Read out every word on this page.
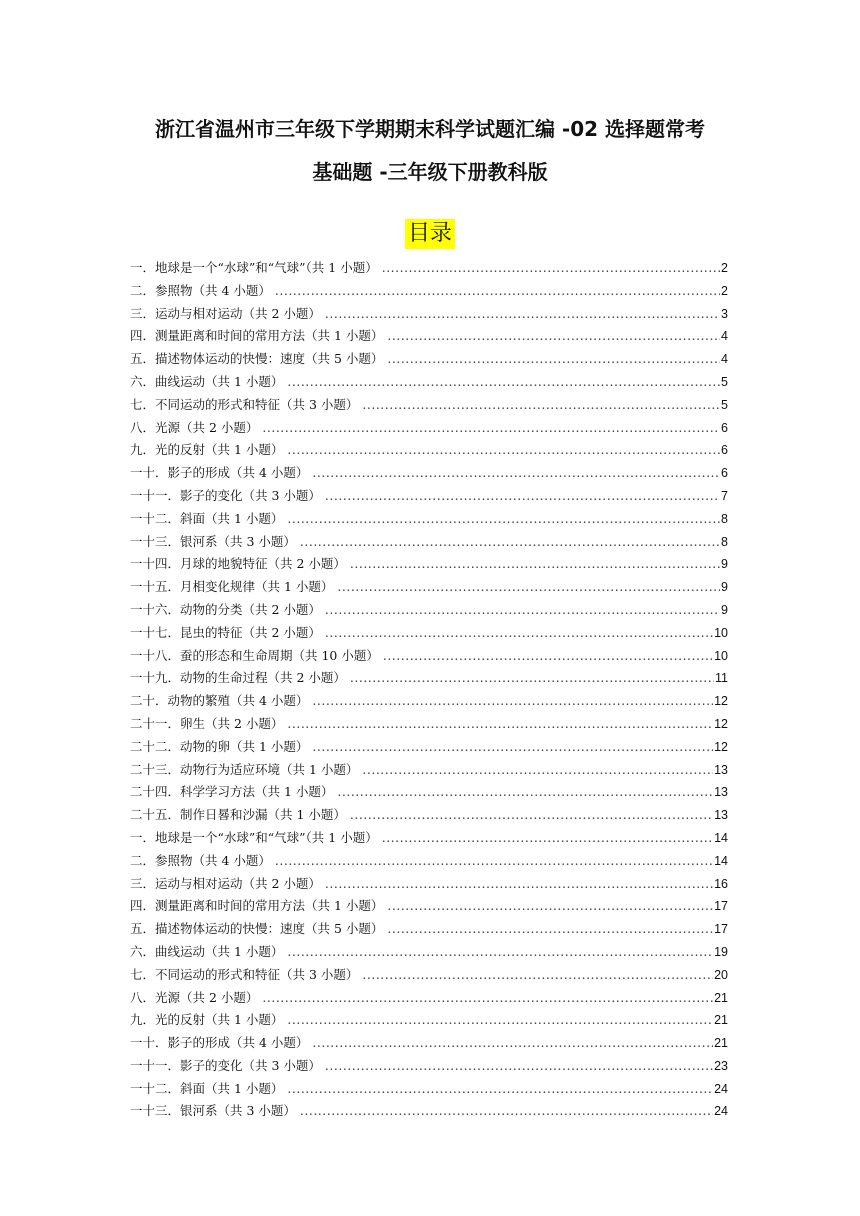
浙江省温州市三年级下学期期末科学试题汇编 -02 选择题常考
基础题 -三年级下册教科版
目录
一．地球是一个“水球”和“气球”（共 1 小题） .....	2
二．参照物（共 4 小题） .....	2
三．运动与相对运动（共 2 小题） .....	3
四．测量距离和时间的常用方法（共 1 小题） .....	4
五．描述物体运动的快慢：速度（共 5 小题） .....	4
六．曲线运动（共 1 小题） .....	5
七．不同运动的形式和特征（共 3 小题） .....	5
八．光源（共 2 小题） .....	6
九．光的反射（共 1 小题） .....	6
一十．影子的形成（共 4 小题） .....	6
一十一．影子的变化（共 3 小题） .....	7
一十二．斜面（共 1 小题） .....	8
一十三．银河系（共 3 小题） .....	8
一十四．月球的地貌特征（共 2 小题） .....	9
一十五．月相变化规律（共 1 小题） .....	9
一十六．动物的分类（共 2 小题） .....	9
一十七．昆虫的特征（共 2 小题） .....	10
一十八．蚕的形态和生命周期（共 10 小题） .....	10
一十九．动物的生命过程（共 2 小题） .....	11
二十．动物的繁殖（共 4 小题） .....	12
二十一．卵生（共 2 小题） .....	12
二十二．动物的卵（共 1 小题） .....	12
二十三．动物行为适应环境（共 1 小题） .....	13
二十四．科学学习方法（共 1 小题） .....	13
二十五．制作日晷和沙漏（共 1 小题） .....	13
一．地球是一个“水球”和“气球”（共 1 小题） .....	14
二．参照物（共 4 小题） .....	14
三．运动与相对运动（共 2 小题） .....	16
四．测量距离和时间的常用方法（共 1 小题） .....	17
五．描述物体运动的快慢：速度（共 5 小题） .....	17
六．曲线运动（共 1 小题） .....	19
七．不同运动的形式和特征（共 3 小题） .....	20
八．光源（共 2 小题） .....	21
九．光的反射（共 1 小题） .....	21
一十．影子的形成（共 4 小题） .....	21
一十一．影子的变化（共 3 小题） .....	23
一十二．斜面（共 1 小题） .....	24
一十三．银河系（共 3 小题） .....	24
